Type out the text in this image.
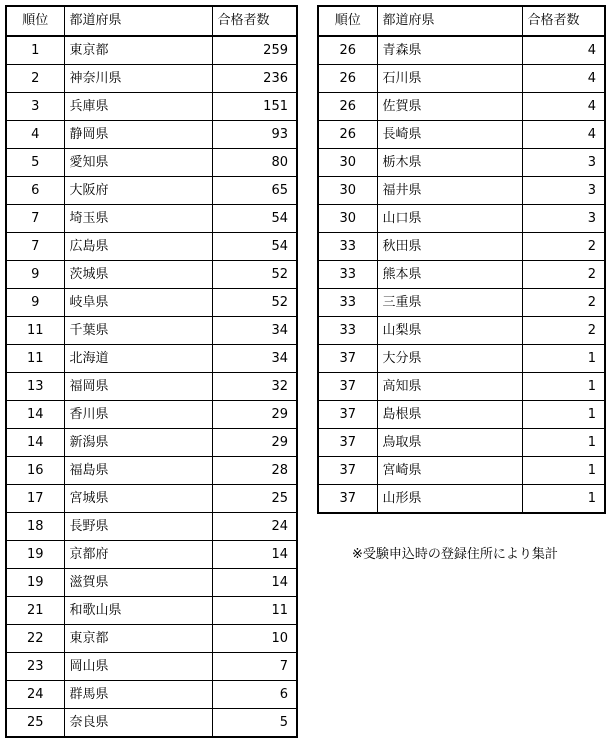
順位	都道府県	合格者数
1	東京都	259
2	神奈川県	236
3	兵庫県	151
4	静岡県	93
5	愛知県	80
6	大阪府	65
7	埼玉県	54
7	広島県	54
9	茨城県	52
9	岐阜県	52
11	千葉県	34
11	北海道	34
13	福岡県	32
14	香川県	29
14	新潟県	29
16	福島県	28
17	宮城県	25
18	長野県	24
19	京都府	14
19	滋賀県	14
21	和歌山県	11
22	東京都	10
23	岡山県	7
24	群馬県	6
25	奈良県	5
順位	都道府県	合格者数
26	青森県	4
26	石川県	4
26	佐賀県	4
26	長崎県	4
30	栃木県	3
30	福井県	3
30	山口県	3
33	秋田県	2
33	熊本県	2
33	三重県	2
33	山梨県	2
37	大分県	1
37	高知県	1
37	島根県	1
37	鳥取県	1
37	宮崎県	1
37	山形県	1
※受験申込時の登録住所により集計
